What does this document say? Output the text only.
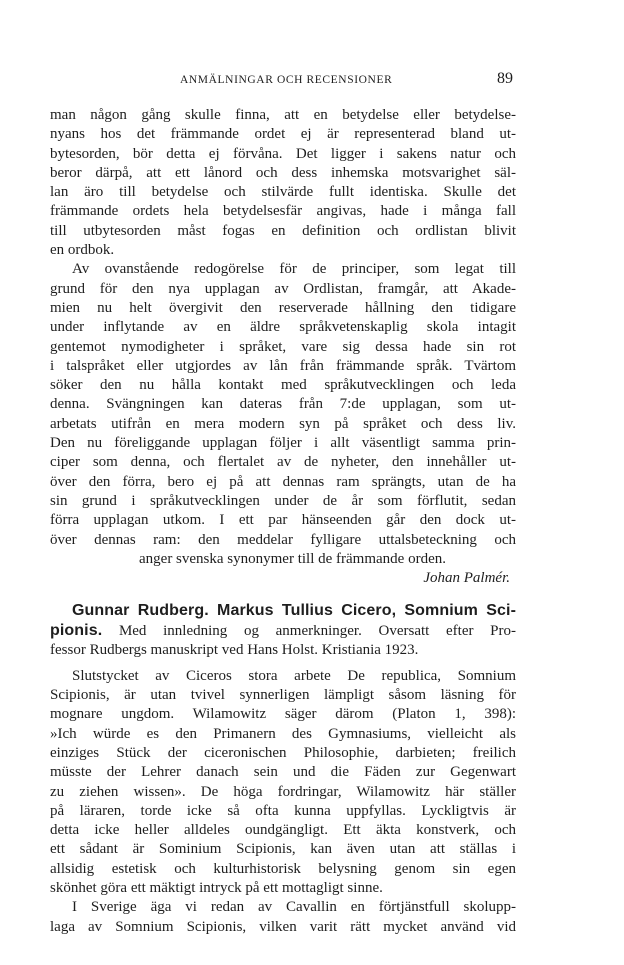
ANMÄLNINGAR OCH RECENSIONER	89
man någon gång skulle finna, att en betydelse eller betydelse-
nyans hos det främmande ordet ej är representerad bland ut-
bytesorden, bör detta ej förvåna. Det ligger i sakens natur och
beror därpå, att ett lånord och dess inhemska motsvarighet säl-
lan äro till betydelse och stilvärde fullt identiska. Skulle det
främmande ordets hela betydelsesfär angivas, hade i många fall
till utbytesorden måst fogas en definition och ordlistan blivit
en ordbok.
Av ovanstående redogörelse för de principer, som legat till
grund för den nya upplagan av Ordlistan, framgår, att Akade-
mien nu helt övergivit den reserverade hållning den tidigare
under inflytande av en äldre språkvetenskaplig skola intagit
gentemot nymodigheter i språket, vare sig dessa hade sin rot
i talspråket eller utgjordes av lån från främmande språk. Tvärtom
söker den nu hålla kontakt med språkutvecklingen och leda
denna. Svängningen kan dateras från 7:de upplagan, som ut-
arbetats utifrån en mera modern syn på språket och dess liv.
Den nu föreliggande upplagan följer i allt väsentligt samma prin-
ciper som denna, och flertalet av de nyheter, den innehåller ut-
över den förra, bero ej på att dennas ram sprängts, utan de ha
sin grund i språkutvecklingen under de år som förflutit, sedan
förra upplagan utkom. I ett par hänseenden går den dock ut-
över dennas ram: den meddelar fylligare uttalsbeteckning och
anger svenska synonymer till de främmande orden.
Johan Palmér.
Gunnar Rudberg. Markus Tullius Cicero, Somnium Sci-
pionis. Med innledning og anmerkninger. Oversatt efter Pro-
fessor Rudbergs manuskript ved Hans Holst. Kristiania 1923.
Slutstycket av Ciceros stora arbete De republica, Somnium
Scipionis, är utan tvivel synnerligen lämpligt såsom läsning för
mognare ungdom. Wilamowitz säger därom (Platon 1, 398):
»Ich würde es den Primanern des Gymnasiums, vielleicht als
einziges Stück der ciceronischen Philosophie, darbieten; freilich
müsste der Lehrer danach sein und die Fäden zur Gegenwart
zu ziehen wissen». De höga fordringar, Wilamowitz här ställer
på läraren, torde icke så ofta kunna uppfyllas. Lyckligtvis är
detta icke heller alldeles oundgängligt. Ett äkta konstverk, och
ett sådant är Sominium Scipionis, kan även utan att ställas i
allsidig estetisk och kulturhistorisk belysning genom sin egen
skönhet göra ett mäktigt intryck på ett mottagligt sinne.
I Sverige äga vi redan av Cavallin en förtjänstfull skolupp-
laga av Somnium Scipionis, vilken varit rätt mycket använd vid
